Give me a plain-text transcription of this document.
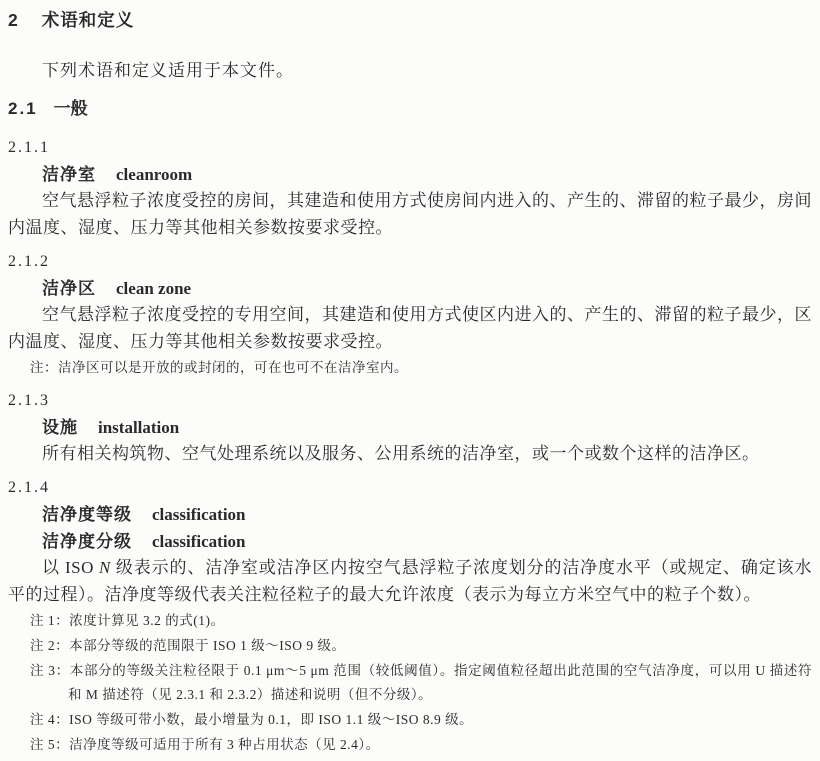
2 术语和定义

下列术语和定义适用于本文件。

2.1 一般
2.1.1
洁净室 cleanroom

空气悬浮粒子浓度受控的房间，其建造和使用方式使房间内进入的、产生的、滞留的粒子最少，房间内温度、湿度、压力等其他相关参数按要求受控。

2.1.2
洁净区 clean zone

空气悬浮粒子浓度受控的专用空间，其建造和使用方式使区内进入的、产生的、滞留的粒子最少，区内温度、湿度、压力等其他相关参数按要求受控。

注：洁净区可以是开放的或封闭的，可在也可不在洁净室内。

2.1.3
设施 installation

所有相关构筑物、空气处理系统以及服务、公用系统的洁净室，或一个或数个这样的洁净区。

2.1.4
洁净度等级 classification
洁净度分级 classification

以 ISO N 级表示的、洁净室或洁净区内按空气悬浮粒子浓度划分的洁净度水平（或规定、确定该水平的过程）。洁净度等级代表关注粒径粒子的最大允许浓度（表示为每立方米空气中的粒子个数）。

注 1：浓度计算见 3.2 的式(1)。

注 2：本部分等级的范围限于 ISO 1 级～ISO 9 级。

注 3：本部分的等级关注粒径限于 0.1 μm～5 μm 范围（较低阈值）。指定阈值粒径超出此范围的空气洁净度，可以用 U 描述符和 M 描述符（见 2.3.1 和 2.3.2）描述和说明（但不分级）。

注 4：ISO 等级可带小数，最小增量为 0.1，即 ISO 1.1 级～ISO 8.9 级。

注 5：洁净度等级可适用于所有 3 种占用状态（见 2.4）。
